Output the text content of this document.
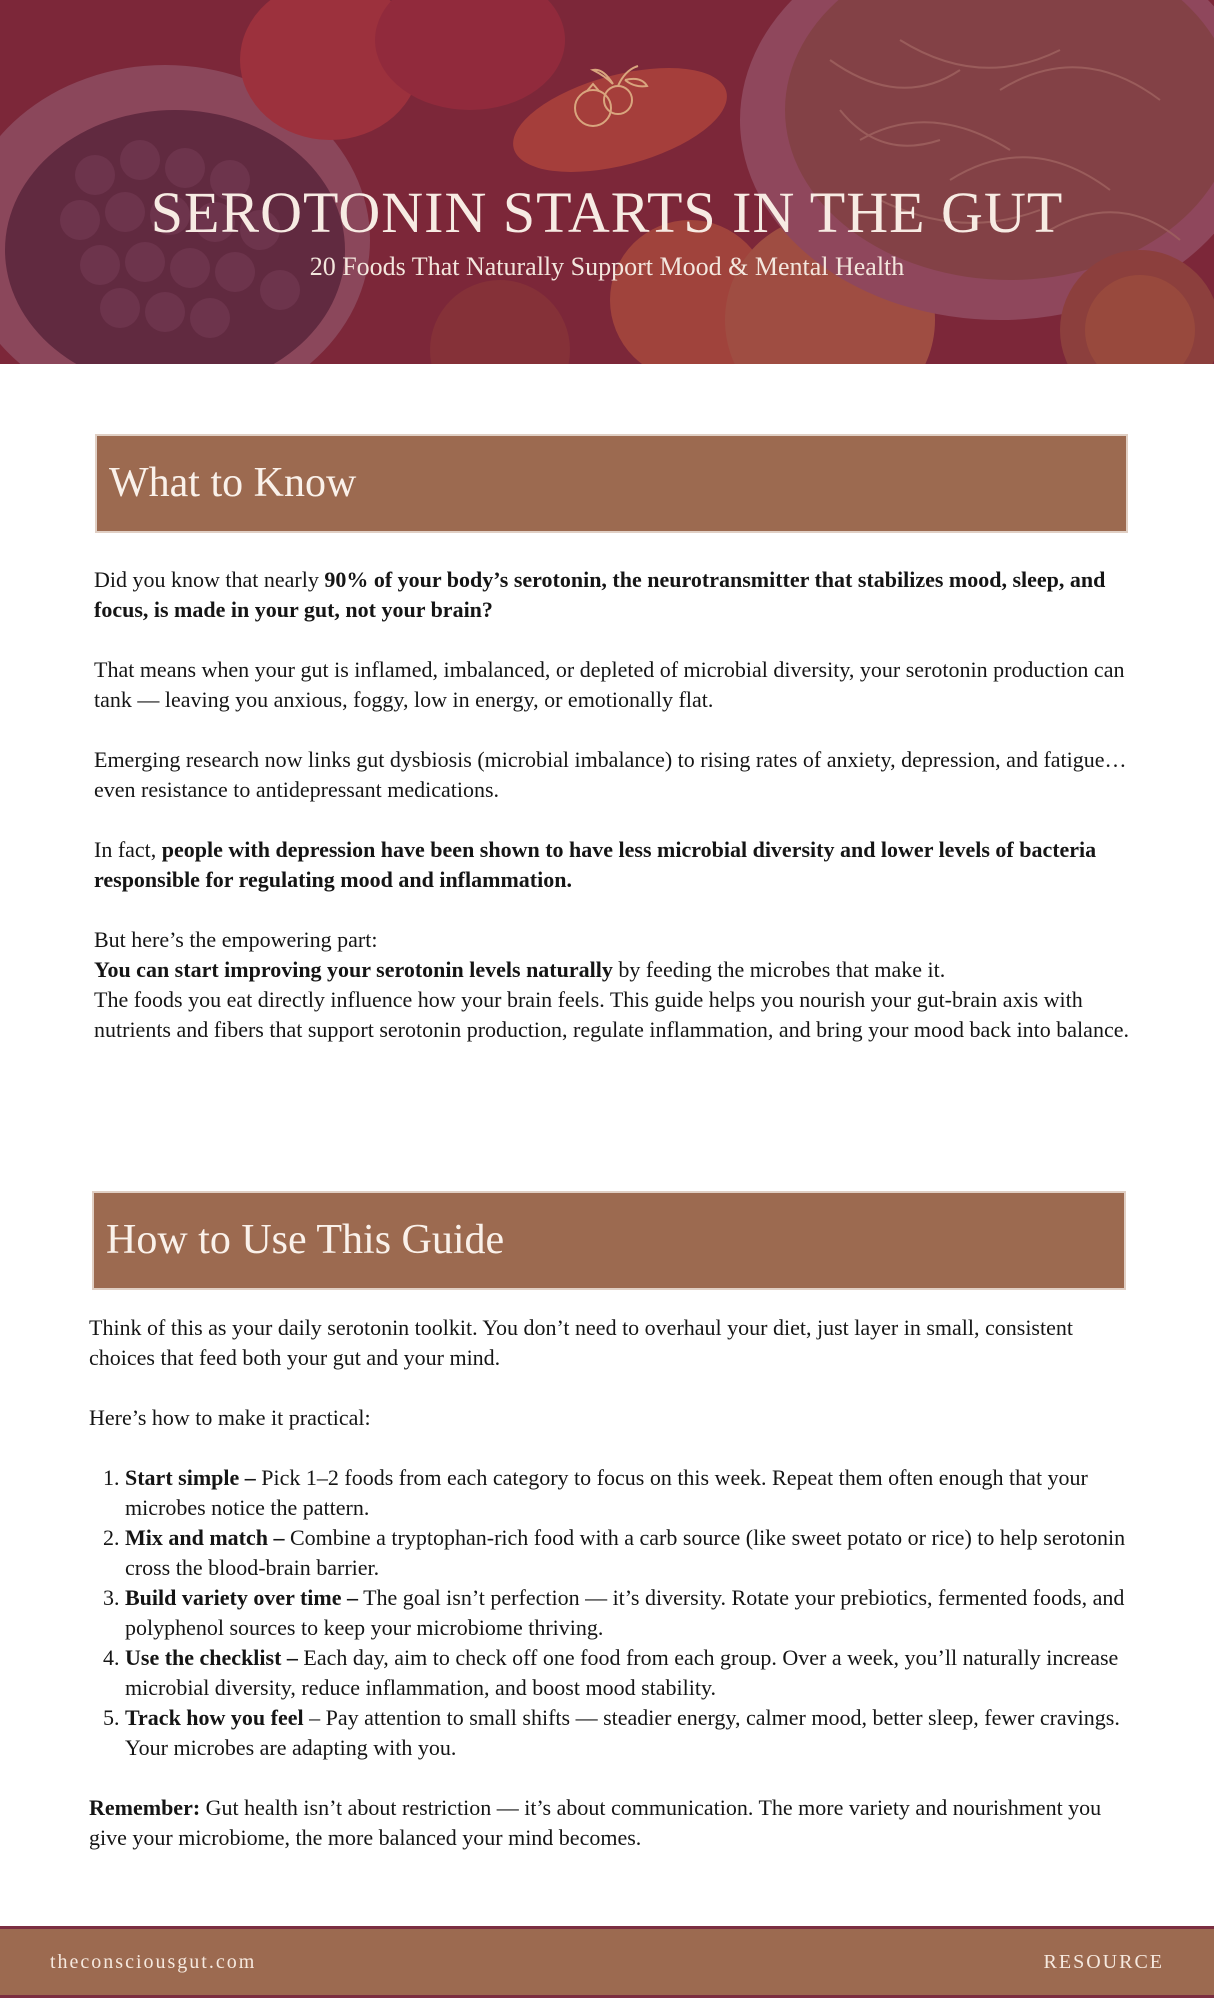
SEROTONIN STARTS IN THE GUT
20 Foods That Naturally Support Mood & Mental Health
What to Know

Did you know that nearly 90% of your body’s serotonin, the neurotransmitter that stabilizes mood, sleep, and focus, is made in your gut, not your brain?

That means when your gut is inflamed, imbalanced, or depleted of microbial diversity, your serotonin production can tank — leaving you anxious, foggy, low in energy, or emotionally flat.

Emerging research now links gut dysbiosis (microbial imbalance) to rising rates of anxiety, depression, and fatigue… even resistance to antidepressant medications.

In fact, people with depression have been shown to have less microbial diversity and lower levels of bacteria responsible for regulating mood and inflammation.

But here’s the empowering part:

You can start improving your serotonin levels naturally by feeding the microbes that make it.

The foods you eat directly influence how your brain feels. This guide helps you nourish your gut-brain axis with nutrients and fibers that support serotonin production, regulate inflammation, and bring your mood back into balance.

How to Use This Guide

Think of this as your daily serotonin toolkit. You don’t need to overhaul your diet, just layer in small, consistent choices that feed both your gut and your mind.

Here’s how to make it practical:

1. Start simple – Pick 1–2 foods from each category to focus on this week. Repeat them often enough that your microbes notice the pattern.
2. Mix and match – Combine a tryptophan-rich food with a carb source (like sweet potato or rice) to help serotonin cross the blood-brain barrier.
3. Build variety over time – The goal isn’t perfection — it’s diversity. Rotate your prebiotics, fermented foods, and polyphenol sources to keep your microbiome thriving.
4. Use the checklist – Each day, aim to check off one food from each group. Over a week, you’ll naturally increase microbial diversity, reduce inflammation, and boost mood stability.
5. Track how you feel – Pay attention to small shifts — steadier energy, calmer mood, better sleep, fewer cravings. Your microbes are adapting with you.

Remember: Gut health isn’t about restriction — it’s about communication. The more variety and nourishment you give your microbiome, the more balanced your mind becomes.

theconsciousgut.com	RESOURCE
